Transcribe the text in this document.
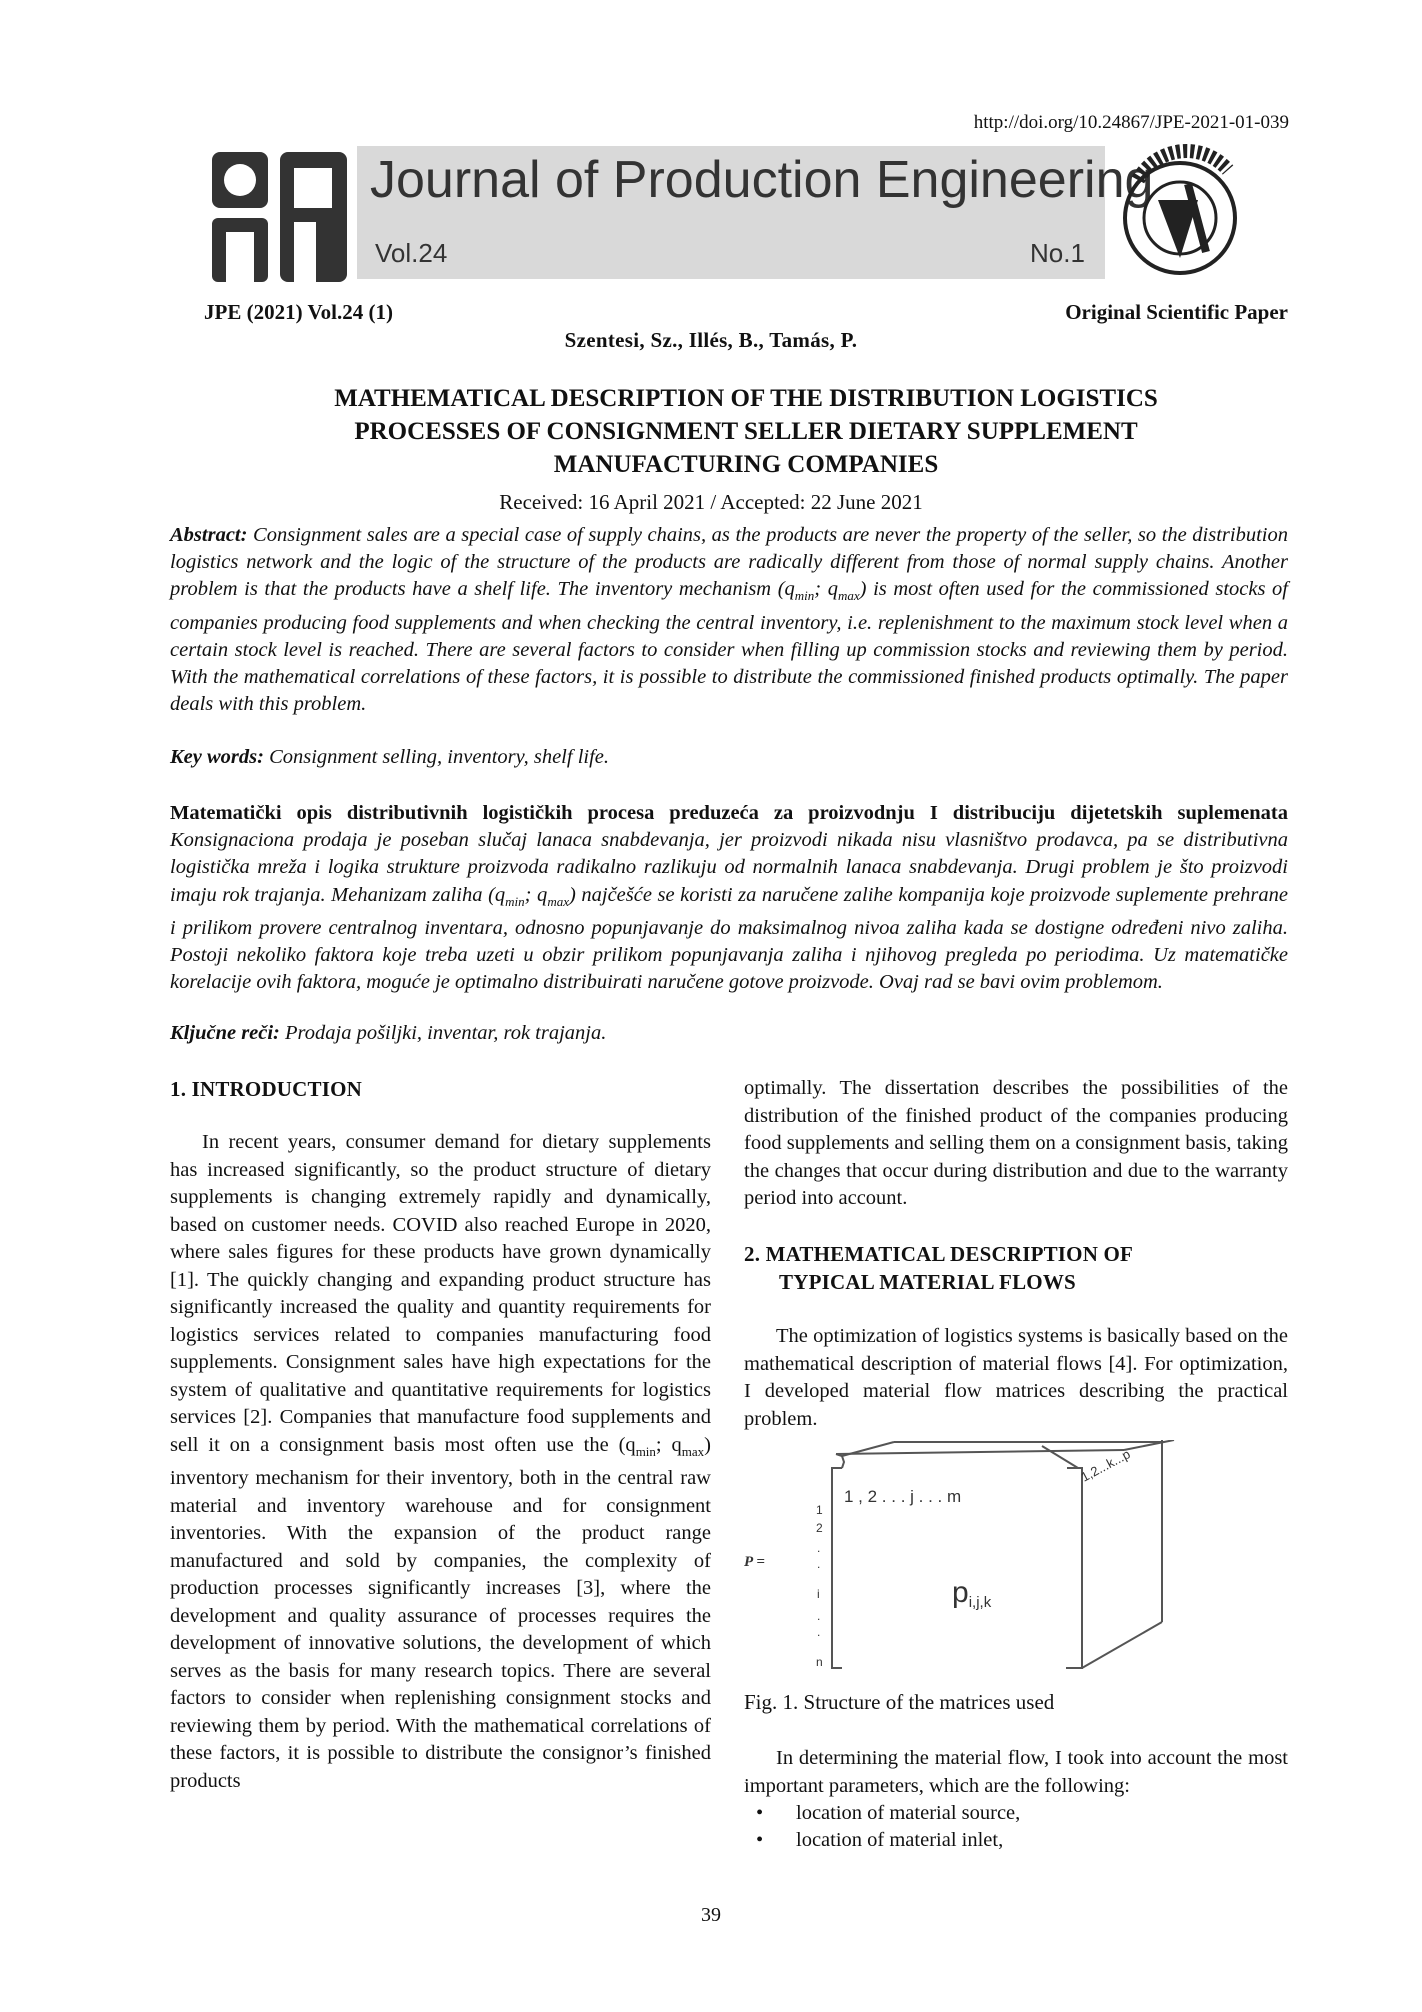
http://doi.org/10.24867/JPE-2021-01-039
Journal of Production Engineering
Vol.24	No.1
JPE (2021) Vol.24 (1)	Original Scientific Paper
Szentesi, Sz., Illés, B., Tamás, P.
MATHEMATICAL DESCRIPTION OF THE DISTRIBUTION LOGISTICS
PROCESSES OF CONSIGNMENT SELLER DIETARY SUPPLEMENT
MANUFACTURING COMPANIES
Received: 16 April 2021 / Accepted: 22 June 2021
Abstract: Consignment sales are a special case of supply chains, as the products are never the property of the seller, so the distribution logistics network and the logic of the structure of the products are radically different from those of normal supply chains. Another problem is that the products have a shelf life. The inventory mechanism ($q_{min}$; $q_{max}$) is most often used for the commissioned stocks of companies producing food supplements and when checking the central inventory, i.e. replenishment to the maximum stock level when a certain stock level is reached. There are several factors to consider when filling up commission stocks and reviewing them by period. With the mathematical correlations of these factors, it is possible to distribute the commissioned finished products optimally. The paper deals with this problem.
Key words: Consignment selling, inventory, shelf life.
Matematički opis distributivnih logističkih procesa preduzeća za proizvodnju I distribuciju dijetetskih suplemenata Konsignaciona prodaja je poseban slučaj lanaca snabdevanja, jer proizvodi nikada nisu vlasništvo prodavca, pa se distributivna logistička mreža i logika strukture proizvoda radikalno razlikuju od normalnih lanaca snabdevanja. Drugi problem je što proizvodi imaju rok trajanja. Mehanizam zaliha ($q_{min}$; $q_{max}$) najčešće se koristi za naručene zalihe kompanija koje proizvode suplemente prehrane i prilikom provere centralnog inventara, odnosno popunjavanje do maksimalnog nivoa zaliha kada se dostigne određeni nivo zaliha. Postoji nekoliko faktora koje treba uzeti u obzir prilikom popunjavanja zaliha i njihovog pregleda po periodima. Uz matematičke korelacije ovih faktora, moguće je optimalno distribuirati naručene gotove proizvode. Ovaj rad se bavi ovim problemom.
Ključne reči: Prodaja pošiljki, inventar, rok trajanja.
1. INTRODUCTION
In recent years, consumer demand for dietary supplements has increased significantly, so the product structure of dietary supplements is changing extremely rapidly and dynamically, based on customer needs. COVID also reached Europe in 2020, where sales figures for these products have grown dynamically [1]. The quickly changing and expanding product structure has significantly increased the quality and quantity requirements for logistics services related to companies manufacturing food supplements. Consignment sales have high expectations for the system of qualitative and quantitative requirements for logistics services [2]. Companies that manufacture food supplements and sell it on a consignment basis most often use the ($q_{min}$; $q_{max}$) inventory mechanism for their inventory, both in the central raw material and inventory warehouse and for consignment inventories. With the expansion of the product range manufactured and sold by companies, the complexity of production processes significantly increases [3], where the development and quality assurance of processes requires the development of innovative solutions, the development of which serves as the basis for many research topics. There are several factors to consider when replenishing consignment stocks and reviewing them by period. With the mathematical correlations of these factors, it is possible to distribute the consignor’s finished products
optimally. The dissertation describes the possibilities of the distribution of the finished product of the companies producing food supplements and selling them on a consignment basis, taking the changes that occur during distribution and due to the warranty period into account.
2. MATHEMATICAL DESCRIPTION OF
TYPICAL MATERIAL FLOWS
The optimization of logistics systems is basically based on the mathematical description of material flows [4]. For optimization, I developed material flow matrices describing the practical problem.
P =
1 , 2 . . . j . . . m
1,2...k...p
1
2
.
.
i
.
.
n
pi,j,k
Fig. 1. Structure of the matrices used
In determining the material flow, I took into account the most important parameters, which are the following:
• location of material source,
• location of material inlet,
39
